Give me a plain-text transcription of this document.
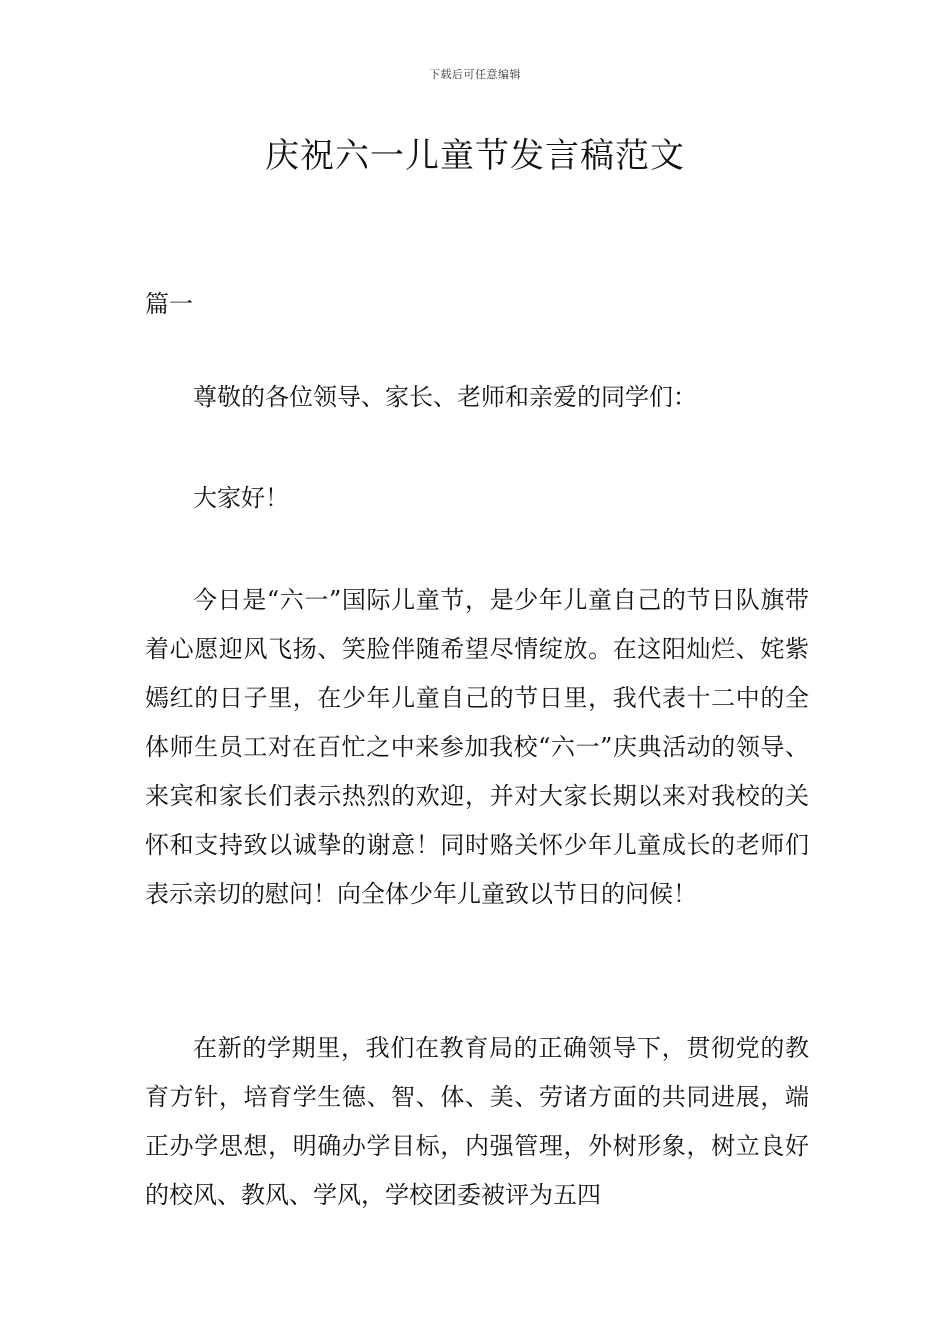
下载后可任意编辑
庆祝六一儿童节发言稿范文

篇一

尊敬的各位领导、家长、老师和亲爱的同学们：

大家好！

今日是“六一”国际儿童节，是少年儿童自己的节日队旗带着心愿迎风飞扬、笑脸伴随希望尽情绽放。在这阳灿烂、姹紫嫣红的日子里，在少年儿童自己的节日里，我代表十二中的全体师生员工对在百忙之中来参加我校“六一”庆典活动的领导、来宾和家长们表示热烈的欢迎，并对大家长期以来对我校的关怀和支持致以诚挚的谢意！同时赂关怀少年儿童成长的老师们表示亲切的慰问！向全体少年儿童致以节日的问候！

在新的学期里，我们在教育局的正确领导下，贯彻党的教育方针，培育学生德、智、体、美、劳诸方面的共同进展，端正办学思想，明确办学目标，内强管理，外树形象，树立良好的校风、教风、学风，学校团委被评为五四
